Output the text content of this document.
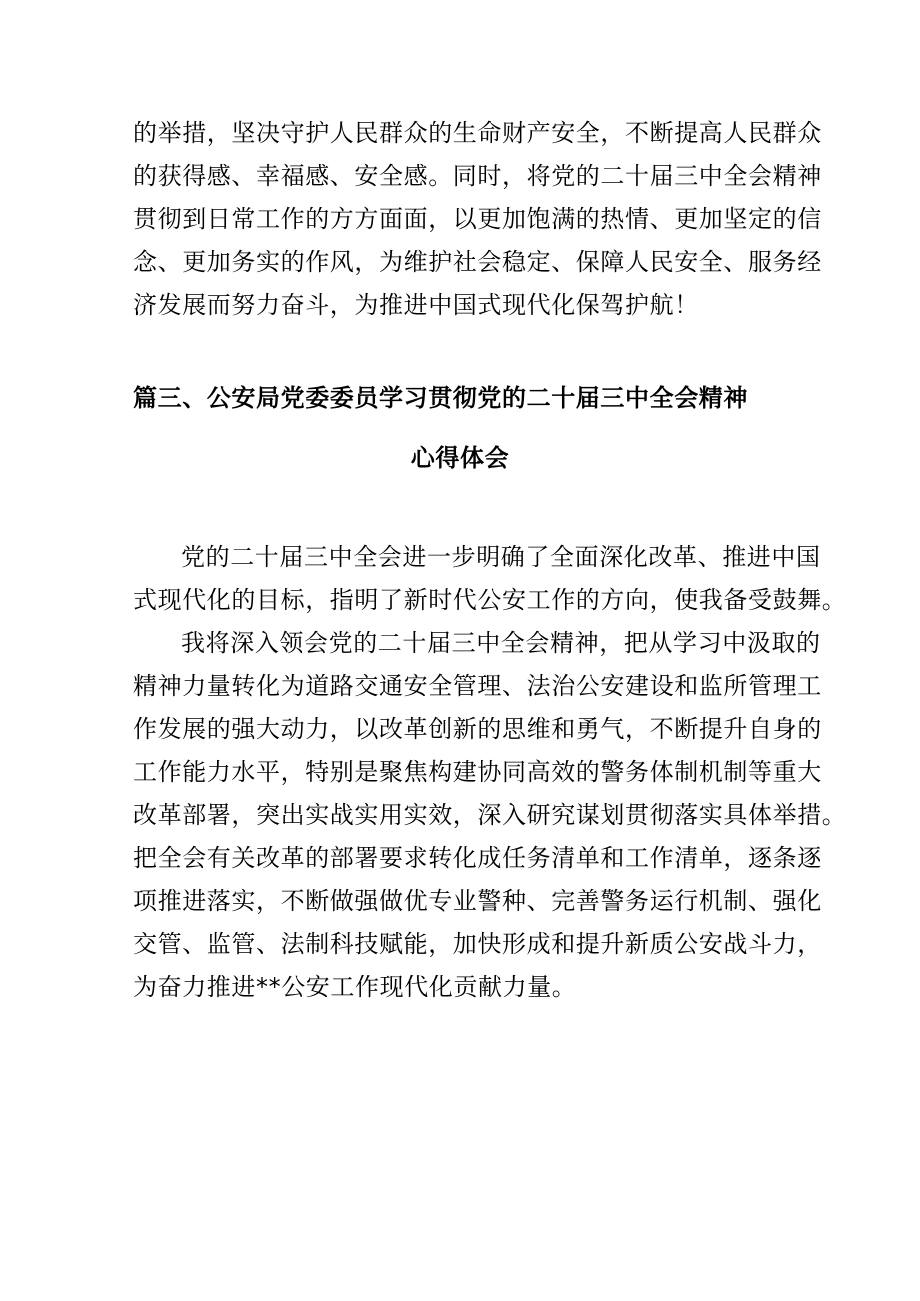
的举措，坚决守护人民群众的生命财产安全，不断提高人民群众
的获得感、幸福感、安全感。同时，将党的二十届三中全会精神
贯彻到日常工作的方方面面，以更加饱满的热情、更加坚定的信
念、更加务实的作风，为维护社会稳定、保障人民安全、服务经
济发展而努力奋斗，为推进中国式现代化保驾护航！
篇三、公安局党委委员学习贯彻党的二十届三中全会精神
心得体会
党的二十届三中全会进一步明确了全面深化改革、推进中国
式现代化的目标，指明了新时代公安工作的方向，使我备受鼓舞。
我将深入领会党的二十届三中全会精神，把从学习中汲取的
精神力量转化为道路交通安全管理、法治公安建设和监所管理工
作发展的强大动力，以改革创新的思维和勇气，不断提升自身的
工作能力水平，特别是聚焦构建协同高效的警务体制机制等重大
改革部署，突出实战实用实效，深入研究谋划贯彻落实具体举措。
把全会有关改革的部署要求转化成任务清单和工作清单，逐条逐
项推进落实，不断做强做优专业警种、完善警务运行机制、强化
交管、监管、法制科技赋能，加快形成和提升新质公安战斗力，
为奋力推进**公安工作现代化贡献力量。
